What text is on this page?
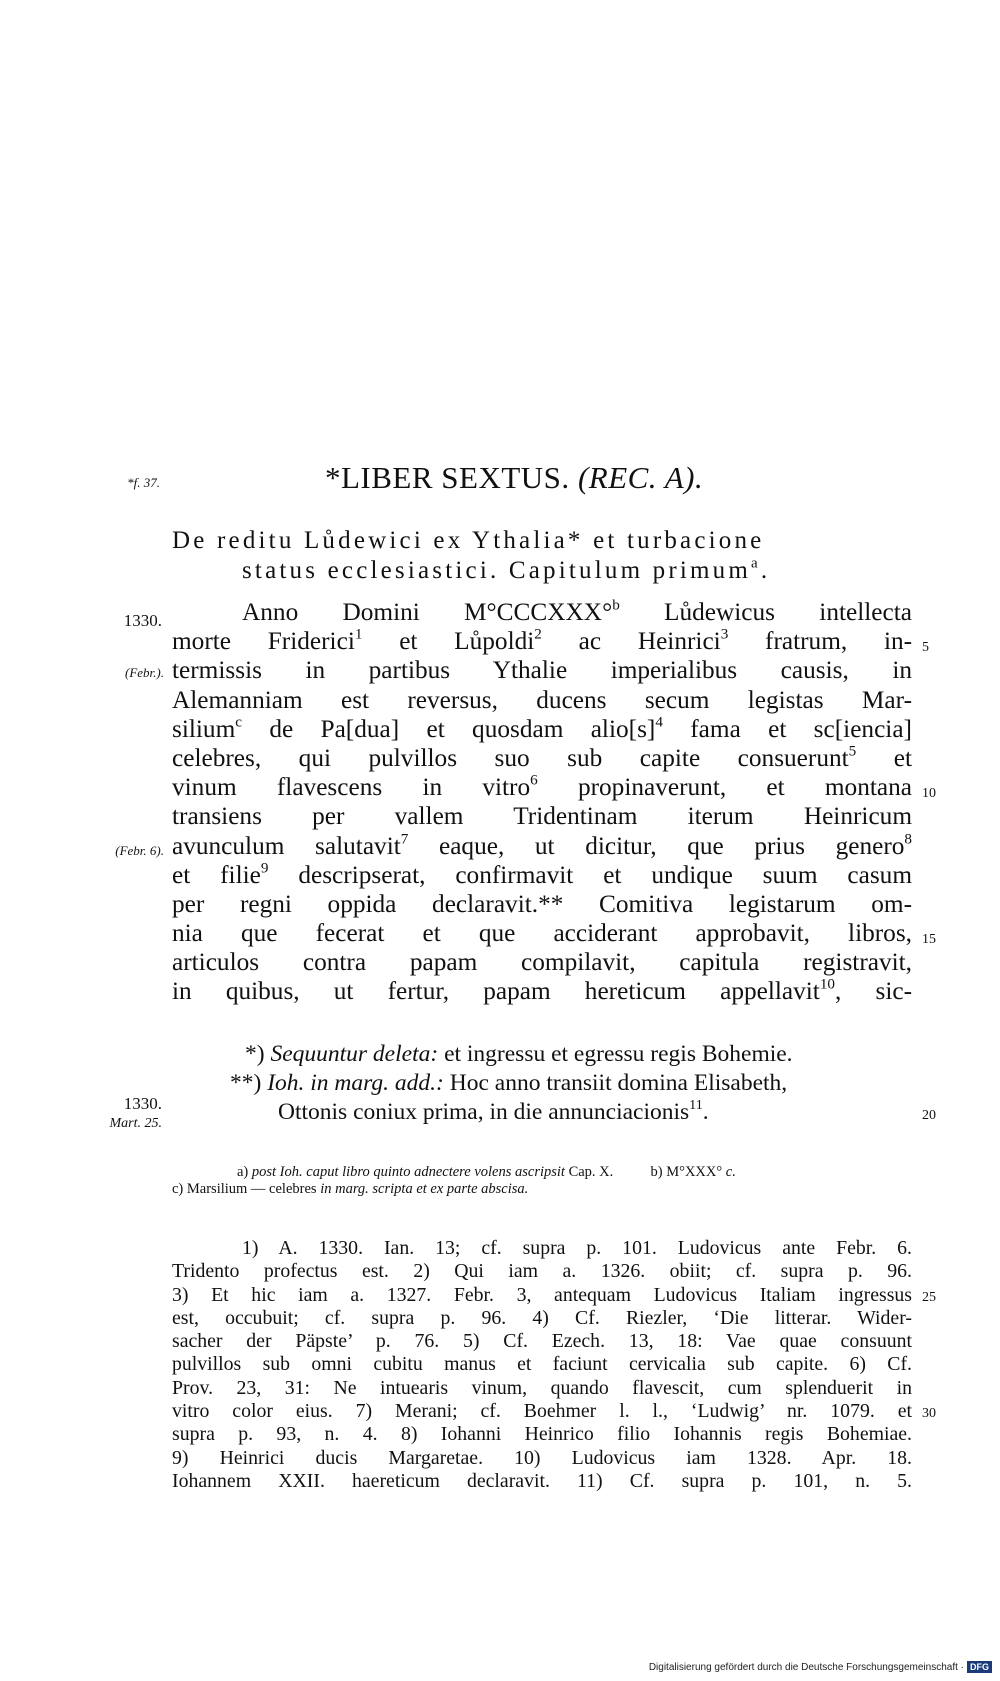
*f. 37.
1330.
(Febr.).
(Febr. 6).
1330.
Mart. 25.
*LIBER SEXTUS. (REC. A).
De reditu Lůdewici ex Ythalia* et turbacione
status ecclesiastici. Capitulum primum$^a$.
Anno Domini M°CCCXXX°$^b$ Lůdewicus intellecta
morte Friderici$^1$ et Lůpoldi$^2$ ac Heinrici$^3$ fratrum, in-
termissis in partibus Ythalie imperialibus causis, in
Alemanniam est reversus, ducens secum legistas Mar-
silium$^c$ de Pa[dua] et quosdam $alio[s]^4$ fama et sc[iencia]
celebres, qui pulvillos suo sub capite consuerunt$^5$ et
vinum flavescens in vitro$^6$ propinaverunt, et montana
transiens per vallem Tridentinam iterum Heinricum
avunculum salutavit$^7$ eaque, ut dicitur, que prius genero$^8$
et filie$^9$ descripserat, confirmavit et undique suum casum
per regni oppida declaravit.** Comitiva legistarum om-
nia que fecerat et que acciderant approbavit, libros,
articulos contra papam compilavit, capitula registravit,
in quibus, ut fertur, papam hereticum appellavit$^{10}$, sic-
*) Sequuntur deleta: et ingressu et egressu regis Bohemie.
**) Ioh. in marg. add.: Hoc anno transiit domina Elisabeth,
Ottonis coniux prima, in die annunciacionis$^{11}$.
a) post Ioh. caput libro quinto adnectere volens ascripsit Cap. X.	b) M°XXX° c.
c) Marsilium — celebres in marg. scripta et ex parte abscisa.
1) A. 1330. Ian. 13; cf. supra p. 101. Ludovicus ante Febr. 6.
Tridento profectus est. 2) Qui iam a. 1326. obiit; cf. supra p. 96.
3) Et hic iam a. 1327. Febr. 3, antequam Ludovicus Italiam ingressus
est, occubuit; cf. supra p. 96. 4) Cf. Riezler, ‘Die litterar. Wider-
sacher der Päpste’ p. 76. 5) Cf. Ezech. 13, 18: Vae quae consuunt
pulvillos sub omni cubitu manus et faciunt cervicalia sub capite. 6) Cf.
Prov. 23, 31: Ne intuearis vinum, quando flavescit, cum splenduerit in
vitro color eius. 7) Merani; cf. Boehmer l. l., ‘Ludwig’ nr. 1079. et
supra p. 93, n. 4. 8) Iohanni Heinrico filio Iohannis regis Bohemiae.
9) Heinrici ducis Margaretae. 10) Ludovicus iam 1328. Apr. 18.
Iohannem XXII. haereticum declaravit. 11) Cf. supra p. 101, n. 5.
5
10
15
20
25
30
Digitalisierung gefördert durch die Deutsche Forschungsgemeinschaft · DFG
